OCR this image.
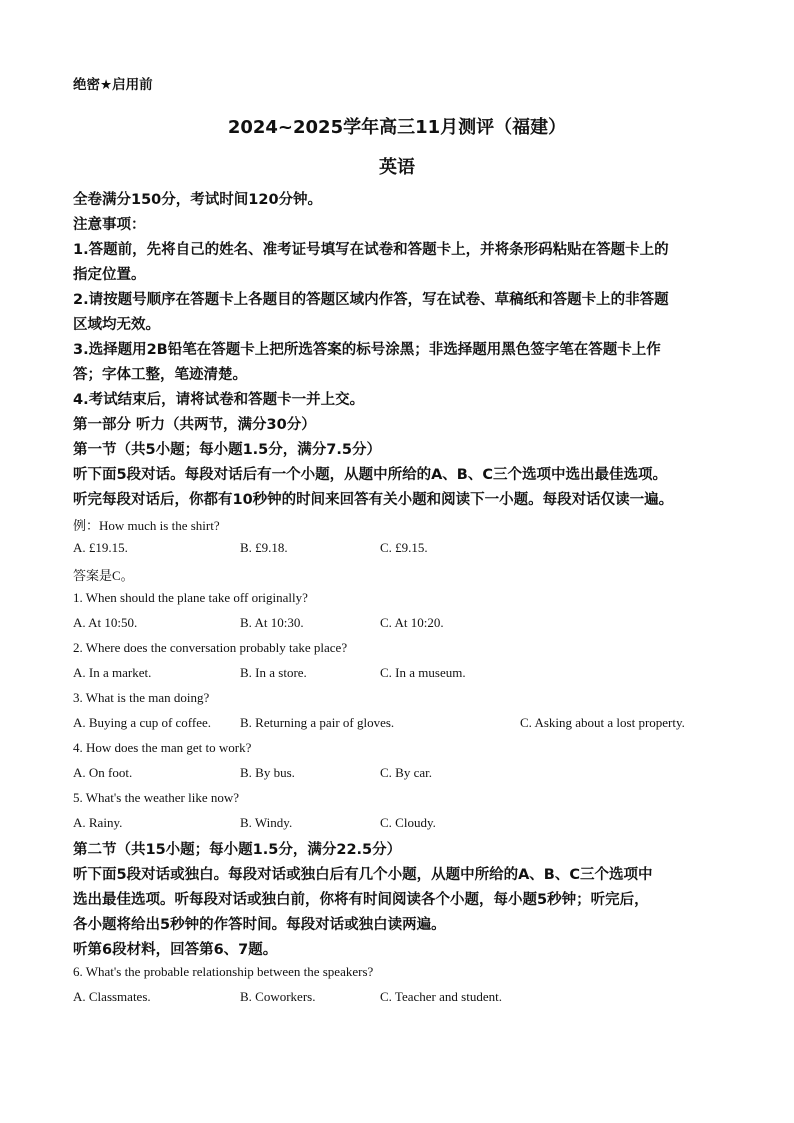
绝密★启用前
2024~2025学年高三11月测评（福建）
英语
全卷满分150分，考试时间120分钟。
注意事项：
1.答题前，先将自己的姓名、准考证号填写在试卷和答题卡上，并将条形码粘贴在答题卡上的
指定位置。
2.请按题号顺序在答题卡上各题目的答题区域内作答，写在试卷、草稿纸和答题卡上的非答题
区域均无效。
3.选择题用2B铅笔在答题卡上把所选答案的标号涂黑；非选择题用黑色签字笔在答题卡上作
答；字体工整，笔迹清楚。
4.考试结束后，请将试卷和答题卡一并上交。
第一部分 听力（共两节，满分30分）
第一节（共5小题；每小题1.5分，满分7.5分）
听下面5段对话。每段对话后有一个小题，从题中所给的A、B、C三个选项中选出最佳选项。
听完每段对话后，你都有10秒钟的时间来回答有关小题和阅读下一小题。每段对话仅读一遍。
例：How much is the shirt?
A. £19.15.	B. £9.18.	C. £9.15.
答案是C。
1. When should the plane take off originally?
A. At 10:50.	B. At 10:30.	C. At 10:20.
2. Where does the conversation probably take place?
A. In a market.	B. In a store.	C. In a museum.
3. What is the man doing?
A. Buying a cup of coffee. B. Returning a pair of gloves.	C. Asking about a lost property.
4. How does the man get to work?
A. On foot.	B. By bus.	C. By car.
5. What's the weather like now?
A. Rainy.	B. Windy.	C. Cloudy.
第二节（共15小题；每小题1.5分，满分22.5分）
听下面5段对话或独白。每段对话或独白后有几个小题，从题中所给的A、B、C三个选项中
选出最佳选项。听每段对话或独白前，你将有时间阅读各个小题，每小题5秒钟；听完后，
各小题将给出5秒钟的作答时间。每段对话或独白读两遍。
听第6段材料，回答第6、7题。
6. What's the probable relationship between the speakers?
A. Classmates.	B. Coworkers.	C. Teacher and student.
